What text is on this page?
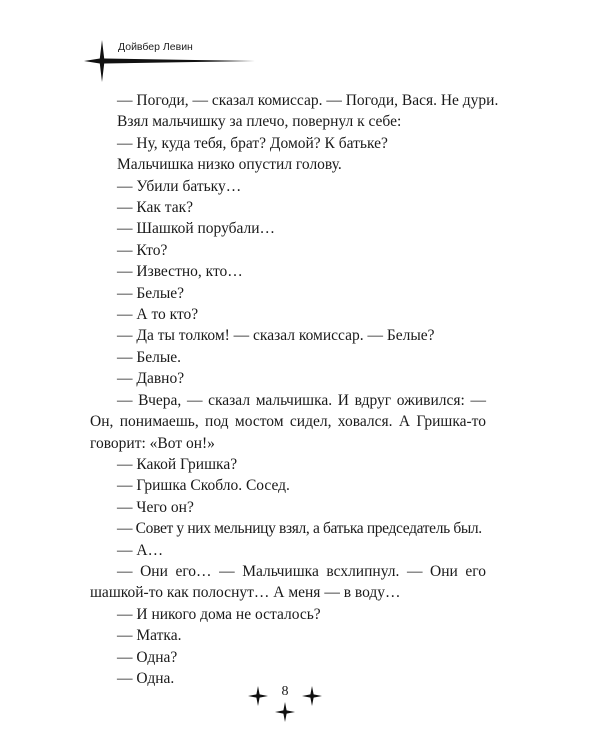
Дойвбер Левин

— Погоди, — сказал комиссар. — Погоди, Вася. Не дури.

Взял мальчишку за плечо, повернул к себе:

— Ну, куда тебя, брат? Домой? К батьке?

Мальчишка низко опустил голову.

— Убили батьку…

— Как так?

— Шашкой порубали…

— Кто?

— Известно, кто…

— Белые?

— А то кто?

— Да ты толком! — сказал комиссар. — Белые?

— Белые.

— Давно?

— Вчера, — сказал мальчишка. И вдруг оживился: — Он, понимаешь, под мостом сидел, ховался. А Гришка-то говорит: «Вот он!»

— Какой Гришка?

— Гришка Скобло. Сосед.

— Чего он?

— Совет у них мельницу взял, а батька председатель был.

— А…

— Они его… — Мальчишка всхлипнул. — Они его шашкой-то как полоснут… А меня — в воду…

— И никого дома не осталось?

— Матка.

— Одна?

— Одна.

8
